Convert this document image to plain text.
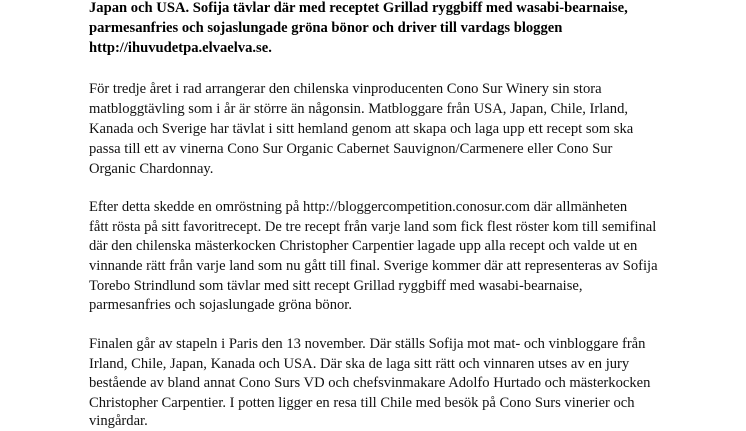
Japan och USA. Sofija tävlar där med receptet Grillad ryggbiff med wasabi-bearnaise,
parmesanfries och sojaslungade gröna bönor och driver till vardags bloggen
http://ihuvudetpa.elvaelva.se.
För tredje året i rad arrangerar den chilenska vinproducenten Cono Sur Winery sin stora
matbloggtävling som i år är större än någonsin. Matbloggare från USA, Japan, Chile, Irland,
Kanada och Sverige har tävlat i sitt hemland genom att skapa och laga upp ett recept som ska
passa till ett av vinerna Cono Sur Organic Cabernet Sauvignon/Carmenere eller Cono Sur
Organic Chardonnay.
Efter detta skedde en omröstning på http://bloggercompetition.conosur.com där allmänheten
fått rösta på sitt favoritrecept. De tre recept från varje land som fick flest röster kom till semifinal
där den chilenska mästerkocken Christopher Carpentier lagade upp alla recept och valde ut en
vinnande rätt från varje land som nu gått till final. Sverige kommer där att representeras av Sofija
Torebo Strindlund som tävlar med sitt recept Grillad ryggbiff med wasabi-bearnaise,
parmesanfries och sojaslungade gröna bönor.
Finalen går av stapeln i Paris den 13 november. Där ställs Sofija mot mat- och vinbloggare från
Irland, Chile, Japan, Kanada och USA. Där ska de laga sitt rätt och vinnaren utses av en jury
bestående av bland annat Cono Surs VD och chefsvinmakare Adolfo Hurtado och mästerkocken
Christopher Carpentier. I potten ligger en resa till Chile med besök på Cono Surs vinerier och
vingårdar.
